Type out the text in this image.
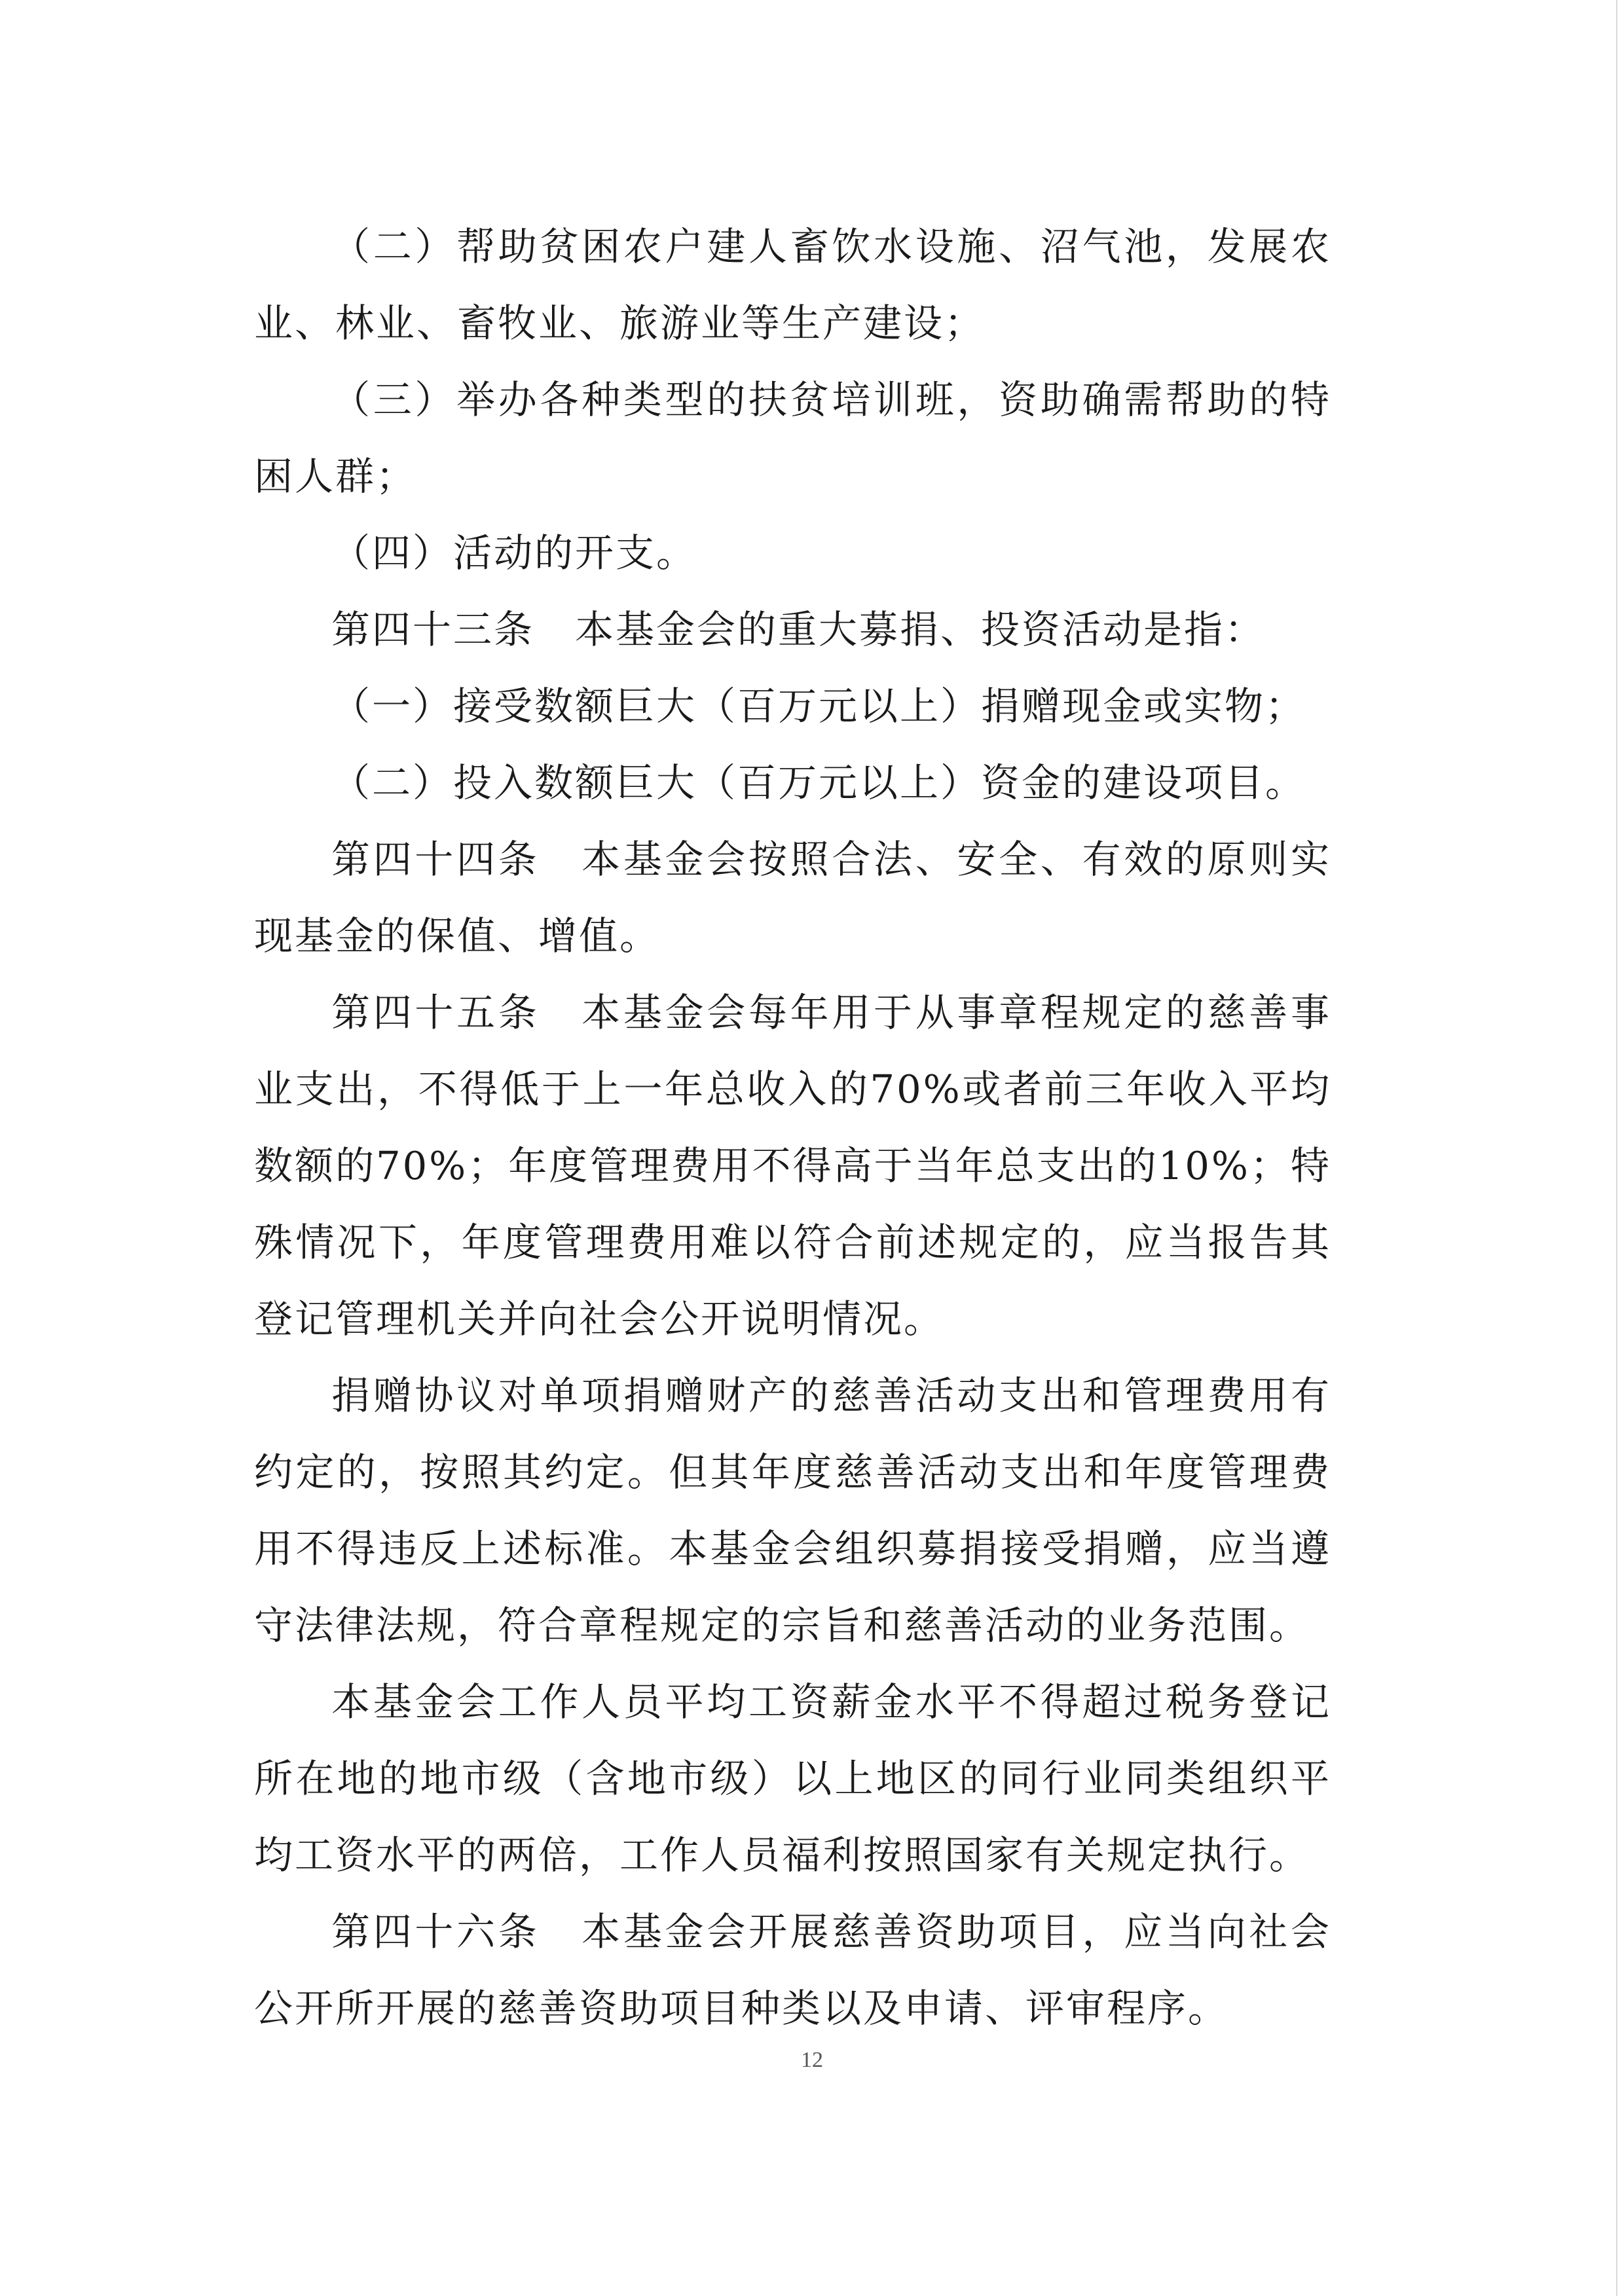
（二）帮助贫困农户建人畜饮水设施、沼气池，发展农业、林业、畜牧业、旅游业等生产建设；

（三）举办各种类型的扶贫培训班，资助确需帮助的特困人群；

（四）活动的开支。

第四十三条　本基金会的重大募捐、投资活动是指：

（一）接受数额巨大（百万元以上）捐赠现金或实物；

（二）投入数额巨大（百万元以上）资金的建设项目。

第四十四条　本基金会按照合法、安全、有效的原则实现基金的保值、增值。

第四十五条　本基金会每年用于从事章程规定的慈善事业支出，不得低于上一年总收入的70%或者前三年收入平均数额的70%；年度管理费用不得高于当年总支出的10%；特殊情况下，年度管理费用难以符合前述规定的，应当报告其登记管理机关并向社会公开说明情况。

捐赠协议对单项捐赠财产的慈善活动支出和管理费用有约定的，按照其约定。但其年度慈善活动支出和年度管理费用不得违反上述标准。本基金会组织募捐接受捐赠，应当遵守法律法规，符合章程规定的宗旨和慈善活动的业务范围。

本基金会工作人员平均工资薪金水平不得超过税务登记所在地的地市级（含地市级）以上地区的同行业同类组织平均工资水平的两倍，工作人员福利按照国家有关规定执行。

第四十六条　本基金会开展慈善资助项目，应当向社会公开所开展的慈善资助项目种类以及申请、评审程序。

12
